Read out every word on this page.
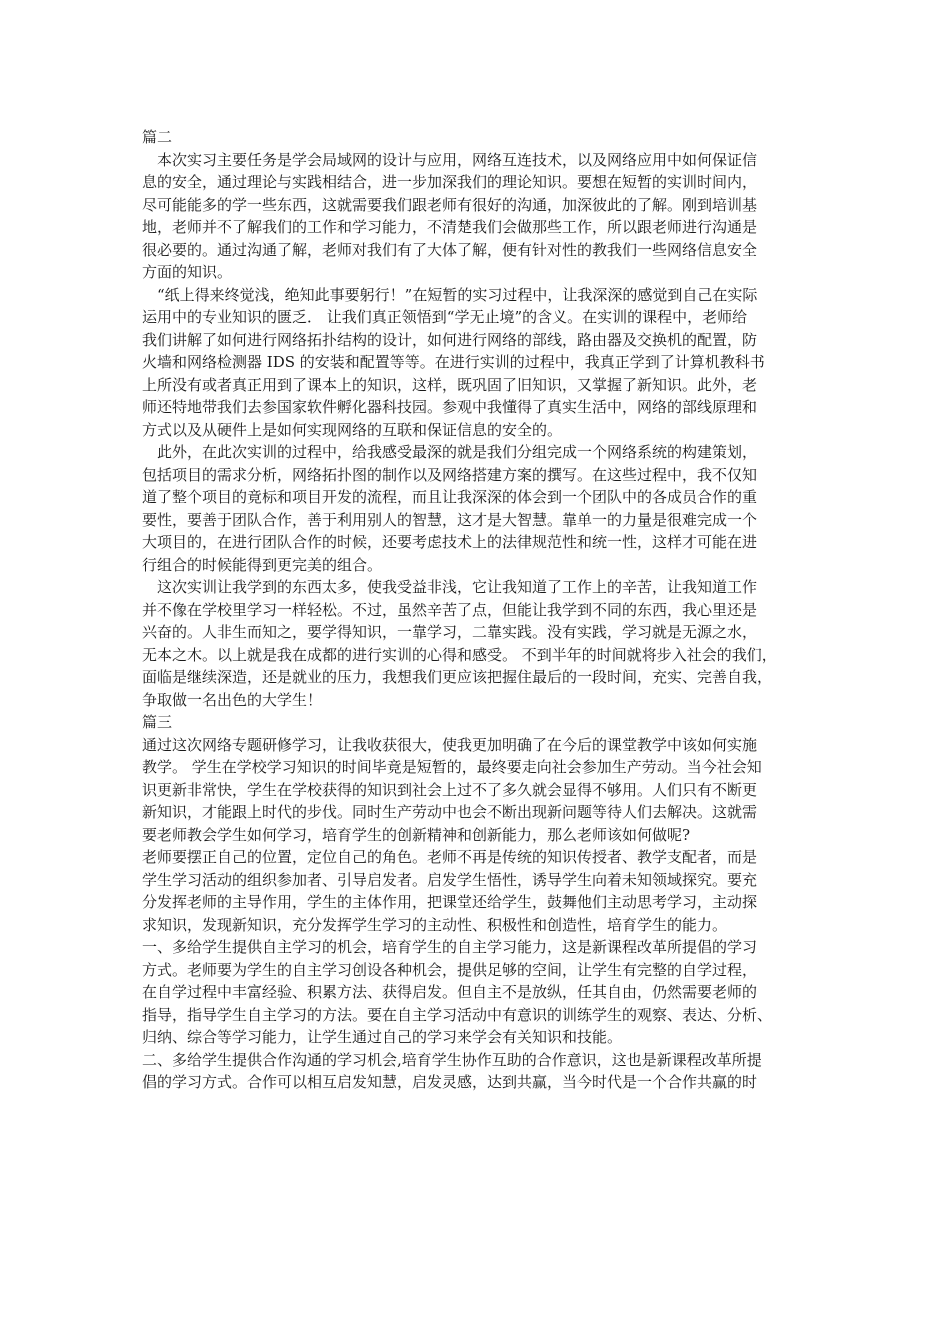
篇二
　本次实习主要任务是学会局域网的设计与应用，网络互连技术，以及网络应用中如何保证信
息的安全，通过理论与实践相结合，进一步加深我们的理论知识。要想在短暂的实训时间内，
尽可能能多的学一些东西，这就需要我们跟老师有很好的沟通，加深彼此的了解。刚到培训基
地，老师并不了解我们的工作和学习能力，不清楚我们会做那些工作，所以跟老师进行沟通是
很必要的。通过沟通了解，老师对我们有了大体了解，便有针对性的教我们一些网络信息安全
方面的知识。
　“纸上得来终觉浅，绝知此事要躬行！”在短暂的实习过程中，让我深深的感觉到自己在实际
运用中的专业知识的匮乏． 让我们真正领悟到“学无止境”的含义。在实训的课程中，老师给
我们讲解了如何进行网络拓扑结构的设计，如何进行网络的部线，路由器及交换机的配置，防
火墙和网络检测器 IDS 的安装和配置等等。在进行实训的过程中，我真正学到了计算机教科书
上所没有或者真正用到了课本上的知识，这样，既巩固了旧知识，又掌握了新知识。此外，老
师还特地带我们去参国家软件孵化器科技园。参观中我懂得了真实生活中，网络的部线原理和
方式以及从硬件上是如何实现网络的互联和保证信息的安全的。
　此外，在此次实训的过程中，给我感受最深的就是我们分组完成一个网络系统的构建策划，
包括项目的需求分析，网络拓扑图的制作以及网络搭建方案的撰写。在这些过程中，我不仅知
道了整个项目的竟标和项目开发的流程，而且让我深深的体会到一个团队中的各成员合作的重
要性，要善于团队合作，善于利用别人的智慧，这才是大智慧。靠单一的力量是很难完成一个
大项目的，在进行团队合作的时候，还要考虑技术上的法律规范性和统一性，这样才可能在进
行组合的时候能得到更完美的组合。
　这次实训让我学到的东西太多，使我受益非浅，它让我知道了工作上的辛苦，让我知道工作
并不像在学校里学习一样轻松。不过，虽然辛苦了点，但能让我学到不同的东西，我心里还是
兴奋的。人非生而知之，要学得知识，一靠学习，二靠实践。没有实践，学习就是无源之水，
无本之木。以上就是我在成都的进行实训的心得和感受。 不到半年的时间就将步入社会的我们，
面临是继续深造，还是就业的压力，我想我们更应该把握住最后的一段时间，充实、完善自我，
争取做一名出色的大学生！
篇三
通过这次网络专题研修学习，让我收获很大，使我更加明确了在今后的课堂教学中该如何实施
教学。 学生在学校学习知识的时间毕竟是短暂的，最终要走向社会参加生产劳动。当今社会知
识更新非常快，学生在学校获得的知识到社会上过不了多久就会显得不够用。人们只有不断更
新知识，才能跟上时代的步伐。同时生产劳动中也会不断出现新问题等待人们去解决。这就需
要老师教会学生如何学习，培育学生的创新精神和创新能力，那么老师该如何做呢?
老师要摆正自己的位置，定位自己的角色。老师不再是传统的知识传授者、教学支配者，而是
学生学习活动的组织参加者、引导启发者。启发学生悟性，诱导学生向着未知领域探究。要充
分发挥老师的主导作用，学生的主体作用，把课堂还给学生，鼓舞他们主动思考学习，主动探
求知识，发现新知识，充分发挥学生学习的主动性、积极性和创造性，培育学生的能力。
一、多给学生提供自主学习的机会，培育学生的自主学习能力，这是新课程改革所提倡的学习
方式。老师要为学生的自主学习创设各种机会，提供足够的空间，让学生有完整的自学过程，
在自学过程中丰富经验、积累方法、获得启发。但自主不是放纵，任其自由，仍然需要老师的
指导，指导学生自主学习的方法。要在自主学习活动中有意识的训练学生的观察、表达、分析、
归纳、综合等学习能力，让学生通过自己的学习来学会有关知识和技能。
二、多给学生提供合作沟通的学习机会,培育学生协作互助的合作意识，这也是新课程改革所提
倡的学习方式。合作可以相互启发知慧，启发灵感，达到共赢，当今时代是一个合作共赢的时
